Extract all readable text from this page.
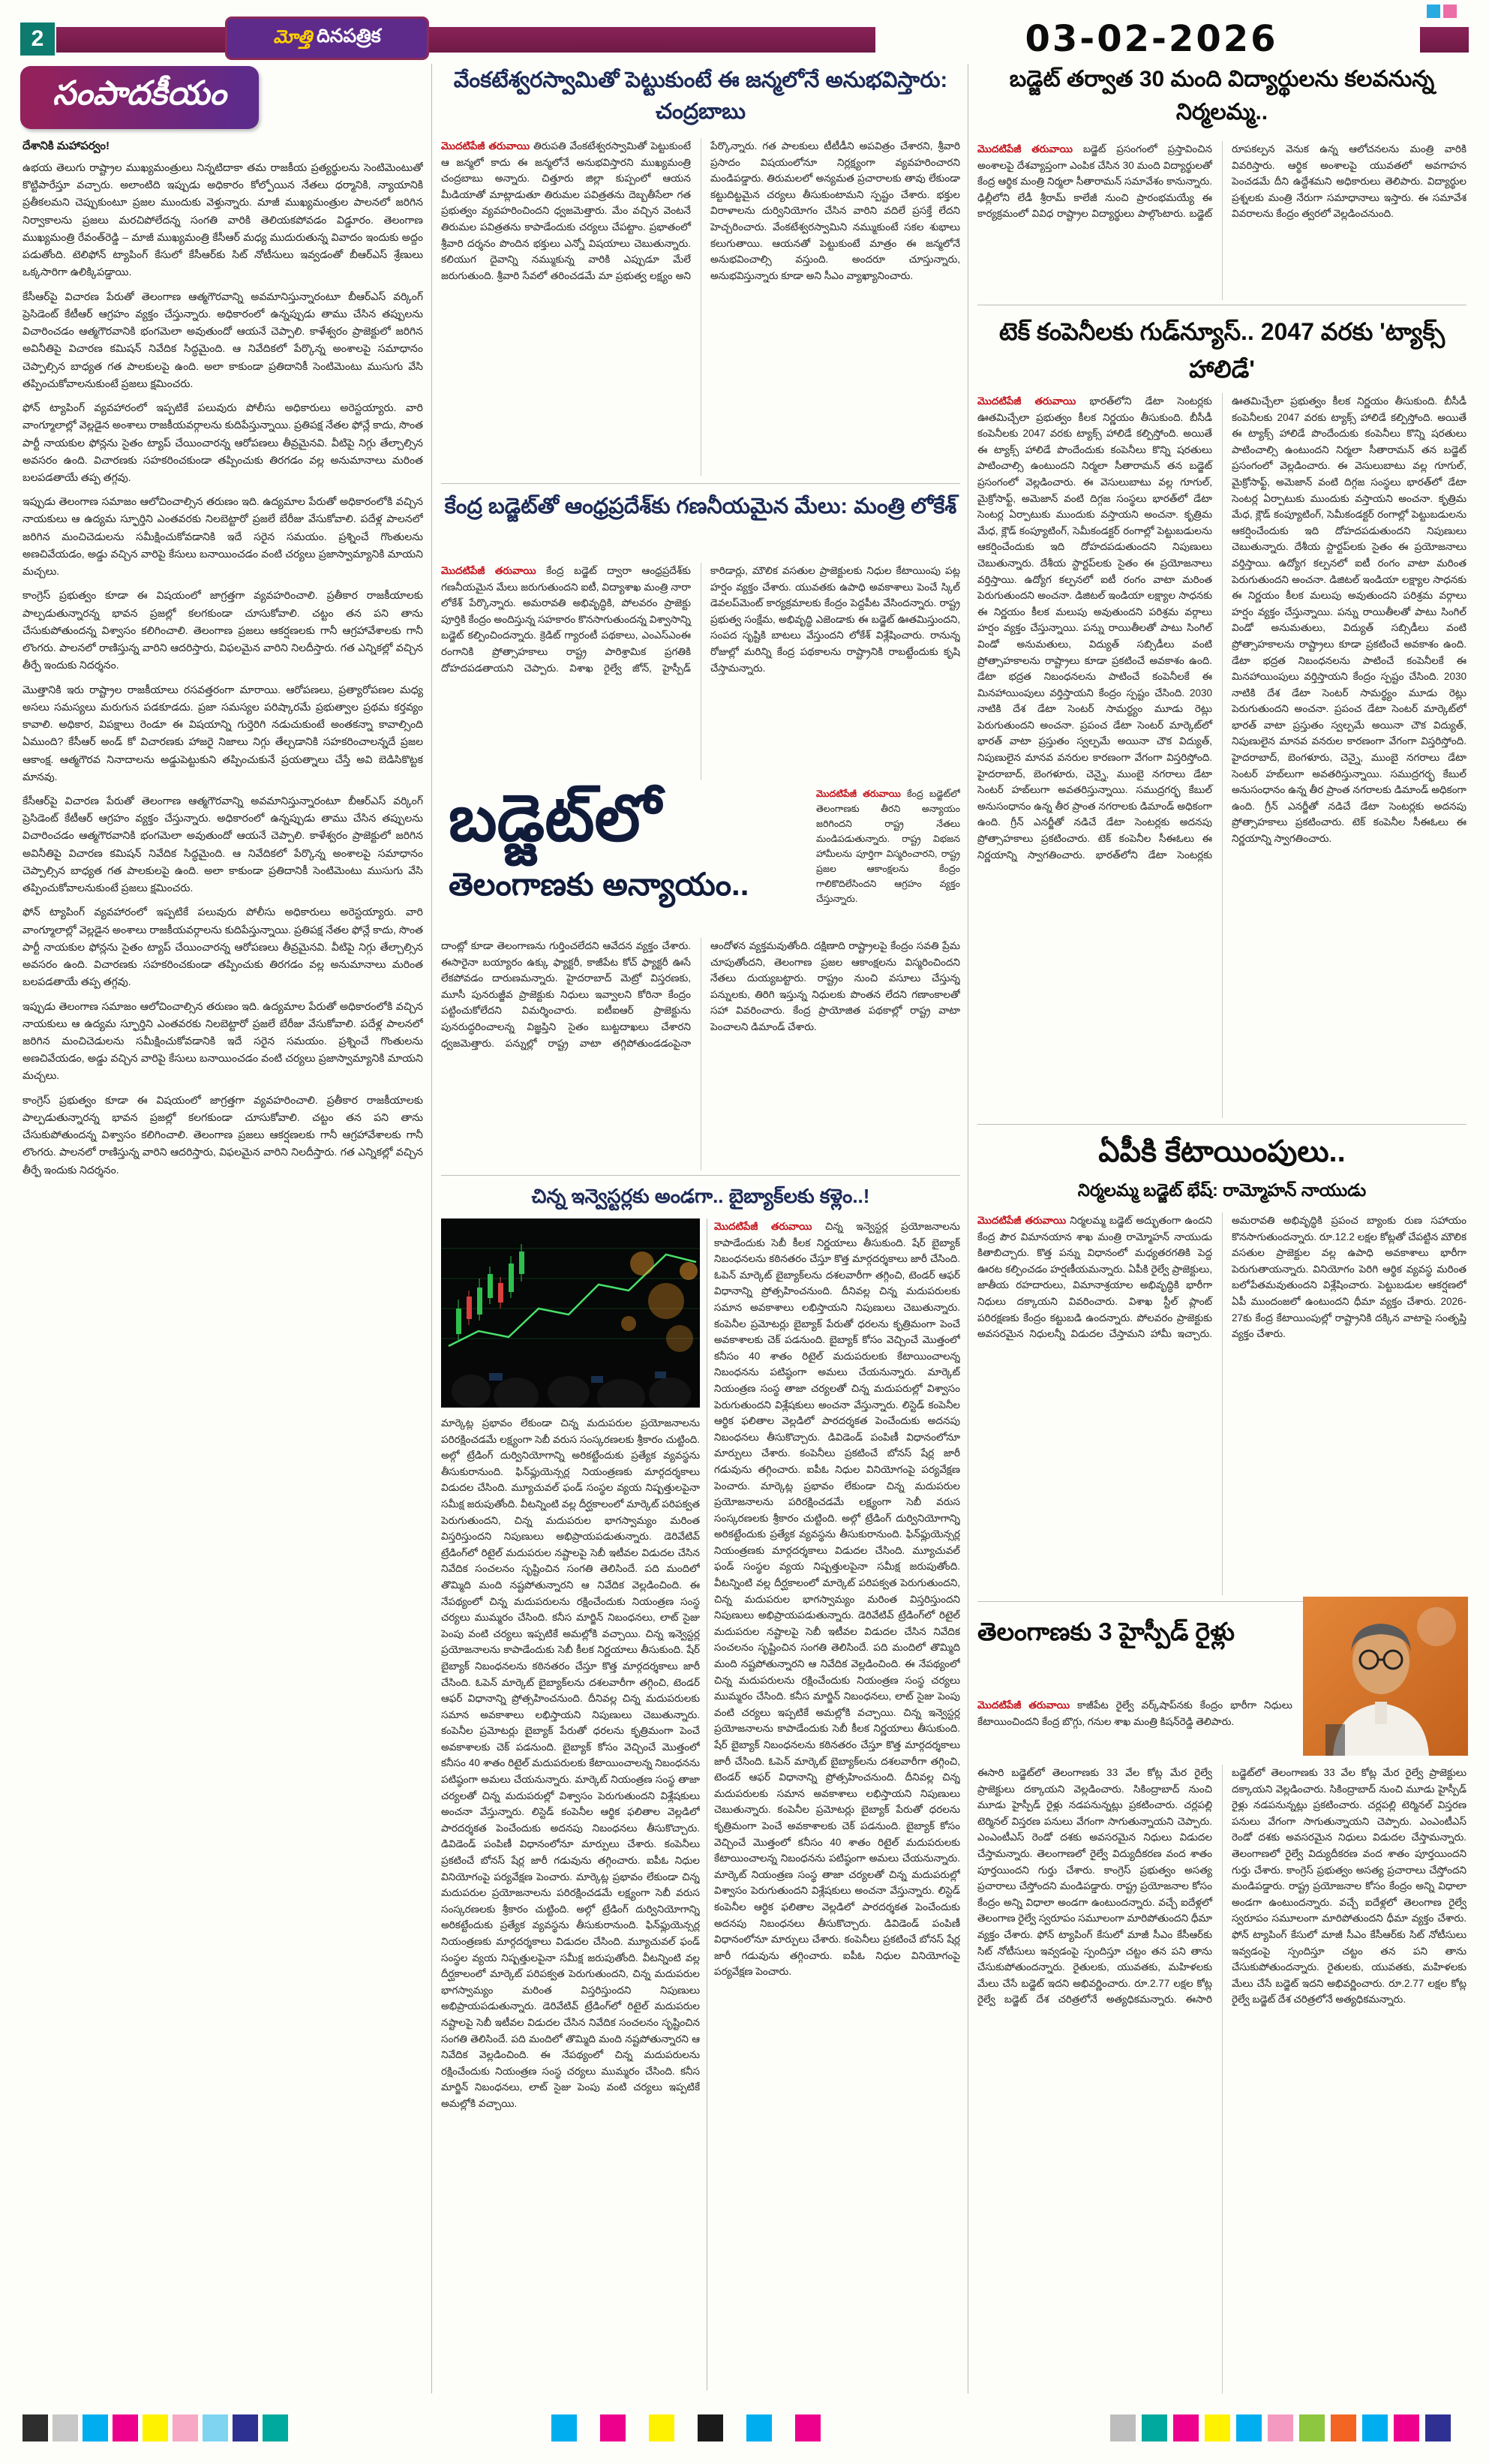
2	మోత్తి దినపత్రిక	03-02-2026
సంపాదకీయం
దేశానికి మహాపర్వం!

ఉభయ తెలుగు రాష్ట్రాల ముఖ్యమంత్రులు నిన్నటిదాకా తమ రాజకీయ ప్రత్యర్థులను సెంటిమెంటుతో కొట్టిపారేస్తూ వచ్చారు. అలాంటిది ఇప్పుడు అధికారం కోల్పోయిన నేతలు ధర్మానికి, న్యాయానికి ప్రతీకలమని చెప్పుకుంటూ ప్రజల ముందుకు వెళ్తున్నారు. మాజీ ముఖ్యమంత్రుల పాలనలో జరిగిన నిర్వాకాలను ప్రజలు మరచిపోలేదన్న సంగతి వారికి తెలియకపోవడం విడ్డూరం. తెలంగాణ ముఖ్యమంత్రి రేవంత్‌రెడ్డి – మాజీ ముఖ్యమంత్రి కేసీఆర్ మధ్య ముదురుతున్న వివాదం ఇందుకు అద్దం పడుతోంది. టెలిఫోన్ ట్యాపింగ్ కేసులో కేసీఆర్‌కు సిట్ నోటీసులు ఇవ్వడంతో బీఆర్ఎస్ శ్రేణులు ఒక్కసారిగా ఉలిక్కిపడ్డాయి.

కేసీఆర్‌పై విచారణ పేరుతో తెలంగాణ ఆత్మగౌరవాన్ని అవమానిస్తున్నారంటూ బీఆర్ఎస్ వర్కింగ్ ప్రెసిడెంట్ కేటీఆర్ ఆగ్రహం వ్యక్తం చేస్తున్నారు. అధికారంలో ఉన్నప్పుడు తాము చేసిన తప్పులను విచారించడం ఆత్మగౌరవానికి భంగమెలా అవుతుందో ఆయనే చెప్పాలి. కాళేశ్వరం ప్రాజెక్టులో జరిగిన అవినీతిపై విచారణ కమిషన్ నివేదిక సిద్ధమైంది. ఆ నివేదికలో పేర్కొన్న అంశాలపై సమాధానం చెప్పాల్సిన బాధ్యత గత పాలకులపై ఉంది. అలా కాకుండా ప్రతిదానికీ సెంటిమెంటు ముసుగు వేసి తప్పించుకోవాలనుకుంటే ప్రజలు క్షమించరు.

ఫోన్ ట్యాపింగ్ వ్యవహారంలో ఇప్పటికే పలువురు పోలీసు అధికారులు అరెస్టయ్యారు. వారి వాంగ్మూలాల్లో వెల్లడైన అంశాలు రాజకీయవర్గాలను కుదిపేస్తున్నాయి. ప్రతిపక్ష నేతల ఫోన్లే కాదు, సొంత పార్టీ నాయకుల ఫోన్లను సైతం ట్యాప్ చేయించారన్న ఆరోపణలు తీవ్రమైనవి. వీటిపై నిగ్గు తేల్చాల్సిన అవసరం ఉంది. విచారణకు సహకరించకుండా తప్పించుకు తిరగడం వల్ల అనుమానాలు మరింత బలపడతాయే తప్ప తగ్గవు.

ఇప్పుడు తెలంగాణ సమాజం ఆలోచించాల్సిన తరుణం ఇది. ఉద్యమాల పేరుతో అధికారంలోకి వచ్చిన నాయకులు ఆ ఉద్యమ స్ఫూర్తిని ఎంతవరకు నిలబెట్టారో ప్రజలే బేరీజు వేసుకోవాలి. పదేళ్ల పాలనలో జరిగిన మంచిచెడులను సమీక్షించుకోవడానికి ఇదే సరైన సమయం. ప్రశ్నించే గొంతులను అణచివేయడం, అడ్డు వచ్చిన వారిపై కేసులు బనాయించడం వంటి చర్యలు ప్రజాస్వామ్యానికి మాయని మచ్చలు.

కాంగ్రెస్ ప్రభుత్వం కూడా ఈ విషయంలో జాగ్రత్తగా వ్యవహరించాలి. ప్రతీకార రాజకీయాలకు పాల్పడుతున్నారన్న భావన ప్రజల్లో కలగకుండా చూసుకోవాలి. చట్టం తన పని తాను చేసుకుపోతుందన్న విశ్వాసం కలిగించాలి. తెలంగాణ ప్రజలు ఆకర్షణలకు గానీ ఆగ్రహావేశాలకు గానీ లొంగరు. పాలనలో రాణిస్తున్న వారిని ఆదరిస్తారు, విఫలమైన వారిని నిలదీస్తారు. గత ఎన్నికల్లో వచ్చిన తీర్పే ఇందుకు నిదర్శనం.

మొత్తానికి ఇరు రాష్ట్రాల రాజకీయాలు రసవత్తరంగా మారాయి. ఆరోపణలు, ప్రత్యారోపణల మధ్య అసలు సమస్యలు మరుగున పడకూడదు. ప్రజా సమస్యల పరిష్కారమే ప్రభుత్వాల ప్రథమ కర్తవ్యం కావాలి. అధికార, విపక్షాలు రెండూ ఈ విషయాన్ని గుర్తెరిగి నడుచుకుంటే అంతకన్నా కావాల్సింది ఏముంది? కేసీఆర్ అండ్ కో విచారణకు హాజరై నిజాలు నిగ్గు తేల్చడానికి సహకరించాలన్నదే ప్రజల ఆకాంక్ష. ఆత్మగౌరవ నినాదాలను అడ్డుపెట్టుకుని తప్పించుకునే ప్రయత్నాలు చేస్తే అవి బెడిసికొట్టక మానవు.

కేసీఆర్‌పై విచారణ పేరుతో తెలంగాణ ఆత్మగౌరవాన్ని అవమానిస్తున్నారంటూ బీఆర్ఎస్ వర్కింగ్ ప్రెసిడెంట్ కేటీఆర్ ఆగ్రహం వ్యక్తం చేస్తున్నారు. అధికారంలో ఉన్నప్పుడు తాము చేసిన తప్పులను విచారించడం ఆత్మగౌరవానికి భంగమెలా అవుతుందో ఆయనే చెప్పాలి. కాళేశ్వరం ప్రాజెక్టులో జరిగిన అవినీతిపై విచారణ కమిషన్ నివేదిక సిద్ధమైంది. ఆ నివేదికలో పేర్కొన్న అంశాలపై సమాధానం చెప్పాల్సిన బాధ్యత గత పాలకులపై ఉంది. అలా కాకుండా ప్రతిదానికీ సెంటిమెంటు ముసుగు వేసి తప్పించుకోవాలనుకుంటే ప్రజలు క్షమించరు.

ఫోన్ ట్యాపింగ్ వ్యవహారంలో ఇప్పటికే పలువురు పోలీసు అధికారులు అరెస్టయ్యారు. వారి వాంగ్మూలాల్లో వెల్లడైన అంశాలు రాజకీయవర్గాలను కుదిపేస్తున్నాయి. ప్రతిపక్ష నేతల ఫోన్లే కాదు, సొంత పార్టీ నాయకుల ఫోన్లను సైతం ట్యాప్ చేయించారన్న ఆరోపణలు తీవ్రమైనవి. వీటిపై నిగ్గు తేల్చాల్సిన అవసరం ఉంది. విచారణకు సహకరించకుండా తప్పించుకు తిరగడం వల్ల అనుమానాలు మరింత బలపడతాయే తప్ప తగ్గవు.

ఇప్పుడు తెలంగాణ సమాజం ఆలోచించాల్సిన తరుణం ఇది. ఉద్యమాల పేరుతో అధికారంలోకి వచ్చిన నాయకులు ఆ ఉద్యమ స్ఫూర్తిని ఎంతవరకు నిలబెట్టారో ప్రజలే బేరీజు వేసుకోవాలి. పదేళ్ల పాలనలో జరిగిన మంచిచెడులను సమీక్షించుకోవడానికి ఇదే సరైన సమయం. ప్రశ్నించే గొంతులను అణచివేయడం, అడ్డు వచ్చిన వారిపై కేసులు బనాయించడం వంటి చర్యలు ప్రజాస్వామ్యానికి మాయని మచ్చలు.

కాంగ్రెస్ ప్రభుత్వం కూడా ఈ విషయంలో జాగ్రత్తగా వ్యవహరించాలి. ప్రతీకార రాజకీయాలకు పాల్పడుతున్నారన్న భావన ప్రజల్లో కలగకుండా చూసుకోవాలి. చట్టం తన పని తాను చేసుకుపోతుందన్న విశ్వాసం కలిగించాలి. తెలంగాణ ప్రజలు ఆకర్షణలకు గానీ ఆగ్రహావేశాలకు గానీ లొంగరు. పాలనలో రాణిస్తున్న వారిని ఆదరిస్తారు, విఫలమైన వారిని నిలదీస్తారు. గత ఎన్నికల్లో వచ్చిన తీర్పే ఇందుకు నిదర్శనం.

వేంకటేశ్వరస్వామితో పెట్టుకుంటే ఈ జన్మలోనే అనుభవిస్తారు: చంద్రబాబు
మొదటిపేజీ తరువాయి తిరుపతి వేంకటేశ్వరస్వామితో పెట్టుకుంటే ఆ జన్మలో కాదు ఈ జన్మలోనే అనుభవిస్తారని ముఖ్యమంత్రి చంద్రబాబు అన్నారు. చిత్తూరు జిల్లా కుప్పంలో ఆయన మీడియాతో మాట్లాడుతూ తిరుమల పవిత్రతను దెబ్బతీసేలా గత ప్రభుత్వం వ్యవహరించిందని ధ్వజమెత్తారు. మేం వచ్చిన వెంటనే తిరుమల పవిత్రతను కాపాడేందుకు చర్యలు చేపట్టాం. ప్రభాతంలో శ్రీవారి దర్శనం పొందిన భక్తులు ఎన్నో విషయాలు చెబుతున్నారు. కలియుగ దైవాన్ని నమ్ముకున్న వారికి ఎప్పుడూ మేలే జరుగుతుంది. శ్రీవారి సేవలో తరించడమే మా ప్రభుత్వ లక్ష్యం అని పేర్కొన్నారు. గత పాలకులు టీటీడీని అపవిత్రం చేశారని, శ్రీవారి ప్రసాదం విషయంలోనూ నిర్లక్ష్యంగా వ్యవహరించారని మండిపడ్డారు. తిరుమలలో అన్యమత ప్రచారాలకు తావు లేకుండా కట్టుదిట్టమైన చర్యలు తీసుకుంటామని స్పష్టం చేశారు. భక్తుల విరాళాలను దుర్వినియోగం చేసిన వారిని వదిలే ప్రసక్తే లేదని హెచ్చరించారు. వేంకటేశ్వరస్వామిని నమ్ముకుంటే సకల శుభాలు కలుగుతాయి. ఆయనతో పెట్టుకుంటే మాత్రం ఈ జన్మలోనే అనుభవించాల్సి వస్తుంది. అందరూ చూస్తున్నారు, అనుభవిస్తున్నారు కూడా అని సీఎం వ్యాఖ్యానించారు.
కేంద్ర బడ్జెట్‌తో ఆంధ్రప్రదేశ్‌కు గణనీయమైన మేలు: మంత్రి లోకేశ్
మొదటిపేజీ తరువాయి కేంద్ర బడ్జెట్ ద్వారా ఆంధ్రప్రదేశ్‌కు గణనీయమైన మేలు జరుగుతుందని ఐటీ, విద్యాశాఖ మంత్రి నారా లోకేశ్ పేర్కొన్నారు. అమరావతి అభివృద్ధికి, పోలవరం ప్రాజెక్టు పూర్తికి కేంద్రం అందిస్తున్న సహకారం కొనసాగుతుందన్న విశ్వాసాన్ని బడ్జెట్ కల్పించిందన్నారు. క్రెడిట్ గ్యారంటీ పథకాలు, ఎంఎస్ఎంఈ రంగానికి ప్రోత్సాహకాలు రాష్ట్ర పారిశ్రామిక ప్రగతికి దోహదపడతాయని చెప్పారు. విశాఖ రైల్వే జోన్, హైస్పీడ్ కారిడార్లు, మౌలిక వసతుల ప్రాజెక్టులకు నిధుల కేటాయింపు పట్ల హర్షం వ్యక్తం చేశారు. యువతకు ఉపాధి అవకాశాలు పెంచే స్కిల్ డెవలప్‌మెంట్ కార్యక్రమాలకు కేంద్రం పెద్దపీట వేసిందన్నారు. రాష్ట్ర ప్రభుత్వ సంక్షేమ, అభివృద్ధి ఎజెండాకు ఈ బడ్జెట్ ఊతమిస్తుందని, సంపద సృష్టికి బాటలు వేస్తుందని లోకేశ్ విశ్లేషించారు. రానున్న రోజుల్లో మరిన్ని కేంద్ర పథకాలను రాష్ట్రానికి రాబట్టేందుకు కృషి చేస్తామన్నారు.
బడ్జెట్‌లో
తెలంగాణకు అన్యాయం..
మొదటిపేజీ తరువాయి కేంద్ర బడ్జెట్‌లో తెలంగాణకు తీరని అన్యాయం జరిగిందని రాష్ట్ర నేతలు మండిపడుతున్నారు. రాష్ట్ర విభజన హామీలను పూర్తిగా విస్మరించారని, రాష్ట్ర ప్రజల ఆకాంక్షలను కేంద్రం గాలికొదిలేసిందని ఆగ్రహం వ్యక్తం చేస్తున్నారు.
దాంట్లో కూడా తెలంగాణను గుర్తించలేదని ఆవేదన వ్యక్తం చేశారు. ఈసారైనా బయ్యారం ఉక్కు ఫ్యాక్టరీ, కాజీపేట కోచ్ ఫ్యాక్టరీ ఊసే లేకపోవడం దారుణమన్నారు. హైదరాబాద్ మెట్రో విస్తరణకు, మూసీ పునరుజ్జీవ ప్రాజెక్టుకు నిధులు ఇవ్వాలని కోరినా కేంద్రం పట్టించుకోలేదని విమర్శించారు. ఐటీఐఆర్ ప్రాజెక్టును పునరుద్ధరించాలన్న విజ్ఞప్తిని సైతం బుట్టదాఖలు చేశారని ధ్వజమెత్తారు. పన్నుల్లో రాష్ట్ర వాటా తగ్గిపోతుండడంపైనా ఆందోళన వ్యక్తమవుతోంది. దక్షిణాది రాష్ట్రాలపై కేంద్రం సవతి ప్రేమ చూపుతోందని, తెలంగాణ ప్రజల ఆకాంక్షలను విస్మరించిందని నేతలు దుయ్యబట్టారు. రాష్ట్రం నుంచి వసూలు చేస్తున్న పన్నులకు, తిరిగి ఇస్తున్న నిధులకు పొంతన లేదని గణాంకాలతో సహా వివరించారు. కేంద్ర ప్రాయోజిత పథకాల్లో రాష్ట్ర వాటా పెంచాలని డిమాండ్ చేశారు.
చిన్న ఇన్వెస్టర్లకు అండగా.. బైబ్యాక్‌లకు కళ్లెం..!
మార్కెట్ల ప్రభావం లేకుండా చిన్న మదుపరుల ప్రయోజనాలను పరిరక్షించడమే లక్ష్యంగా సెబీ వరుస సంస్కరణలకు శ్రీకారం చుట్టింది. అల్గో ట్రేడింగ్ దుర్వినియోగాన్ని అరికట్టేందుకు ప్రత్యేక వ్యవస్థను తీసుకురానుంది. ఫిన్‌ఫ్లుయెన్సర్ల నియంత్రణకు మార్గదర్శకాలు విడుదల చేసింది. మ్యూచువల్ ఫండ్ సంస్థల వ్యయ నిష్పత్తులపైనా సమీక్ష జరుపుతోంది. వీటన్నింటి వల్ల దీర్ఘకాలంలో మార్కెట్ పరిపక్వత పెరుగుతుందని, చిన్న మదుపరుల భాగస్వామ్యం మరింత విస్తరిస్తుందని నిపుణులు అభిప్రాయపడుతున్నారు. డెరివేటివ్ ట్రేడింగ్‌లో రిటైల్ మదుపరుల నష్టాలపై సెబీ ఇటీవల విడుదల చేసిన నివేదిక సంచలనం సృష్టించిన సంగతి తెలిసిందే. పది మందిలో తొమ్మిది మంది నష్టపోతున్నారని ఆ నివేదిక వెల్లడించింది. ఈ నేపథ్యంలో చిన్న మదుపరులను రక్షించేందుకు నియంత్రణ సంస్థ చర్యలు ముమ్మరం చేసింది. కనీస మార్జిన్ నిబంధనలు, లాట్ సైజు పెంపు వంటి చర్యలు ఇప్పటికే అమల్లోకి వచ్చాయి. చిన్న ఇన్వెస్టర్ల ప్రయోజనాలను కాపాడేందుకు సెబీ కీలక నిర్ణయాలు తీసుకుంది. షేర్ బైబ్యాక్ నిబంధనలను కఠినతరం చేస్తూ కొత్త మార్గదర్శకాలు జారీ చేసింది. ఓపెన్ మార్కెట్ బైబ్యాక్‌లను దశలవారీగా తగ్గించి, టెండర్ ఆఫర్ విధానాన్ని ప్రోత్సహించనుంది. దీనివల్ల చిన్న మదుపరులకు సమాన అవకాశాలు లభిస్తాయని నిపుణులు చెబుతున్నారు. కంపెనీల ప్రమోటర్లు బైబ్యాక్ పేరుతో ధరలను కృత్రిమంగా పెంచే అవకాశాలకు చెక్ పడనుంది. బైబ్యాక్ కోసం వెచ్చించే మొత్తంలో కనీసం 40 శాతం రిటైల్ మదుపరులకు కేటాయించాలన్న నిబంధనను పటిష్ఠంగా అమలు చేయనున్నారు. మార్కెట్ నియంత్రణ సంస్థ తాజా చర్యలతో చిన్న మదుపరుల్లో విశ్వాసం పెరుగుతుందని విశ్లేషకులు అంచనా వేస్తున్నారు. లిస్టెడ్ కంపెనీల ఆర్థిక ఫలితాల వెల్లడిలో పారదర్శకత పెంచేందుకు అదనపు నిబంధనలు తీసుకొచ్చారు. డివిడెండ్ పంపిణీ విధానంలోనూ మార్పులు చేశారు. కంపెనీలు ప్రకటించే బోనస్ షేర్ల జారీ గడువును తగ్గించారు. ఐపీఓ నిధుల వినియోగంపై పర్యవేక్షణ పెంచారు. మార్కెట్ల ప్రభావం లేకుండా చిన్న మదుపరుల ప్రయోజనాలను పరిరక్షించడమే లక్ష్యంగా సెబీ వరుస సంస్కరణలకు శ్రీకారం చుట్టింది. అల్గో ట్రేడింగ్ దుర్వినియోగాన్ని అరికట్టేందుకు ప్రత్యేక వ్యవస్థను తీసుకురానుంది. ఫిన్‌ఫ్లుయెన్సర్ల నియంత్రణకు మార్గదర్శకాలు విడుదల చేసింది. మ్యూచువల్ ఫండ్ సంస్థల వ్యయ నిష్పత్తులపైనా సమీక్ష జరుపుతోంది. వీటన్నింటి వల్ల దీర్ఘకాలంలో మార్కెట్ పరిపక్వత పెరుగుతుందని, చిన్న మదుపరుల భాగస్వామ్యం మరింత విస్తరిస్తుందని నిపుణులు అభిప్రాయపడుతున్నారు. డెరివేటివ్ ట్రేడింగ్‌లో రిటైల్ మదుపరుల నష్టాలపై సెబీ ఇటీవల విడుదల చేసిన నివేదిక సంచలనం సృష్టించిన సంగతి తెలిసిందే. పది మందిలో తొమ్మిది మంది నష్టపోతున్నారని ఆ నివేదిక వెల్లడించింది. ఈ నేపథ్యంలో చిన్న మదుపరులను రక్షించేందుకు నియంత్రణ సంస్థ చర్యలు ముమ్మరం చేసింది. కనీస మార్జిన్ నిబంధనలు, లాట్ సైజు పెంపు వంటి చర్యలు ఇప్పటికే అమల్లోకి వచ్చాయి.
మొదటిపేజీ తరువాయి చిన్న ఇన్వెస్టర్ల ప్రయోజనాలను కాపాడేందుకు సెబీ కీలక నిర్ణయాలు తీసుకుంది. షేర్ బైబ్యాక్ నిబంధనలను కఠినతరం చేస్తూ కొత్త మార్గదర్శకాలు జారీ చేసింది. ఓపెన్ మార్కెట్ బైబ్యాక్‌లను దశలవారీగా తగ్గించి, టెండర్ ఆఫర్ విధానాన్ని ప్రోత్సహించనుంది. దీనివల్ల చిన్న మదుపరులకు సమాన అవకాశాలు లభిస్తాయని నిపుణులు చెబుతున్నారు. కంపెనీల ప్రమోటర్లు బైబ్యాక్ పేరుతో ధరలను కృత్రిమంగా పెంచే అవకాశాలకు చెక్ పడనుంది. బైబ్యాక్ కోసం వెచ్చించే మొత్తంలో కనీసం 40 శాతం రిటైల్ మదుపరులకు కేటాయించాలన్న నిబంధనను పటిష్ఠంగా అమలు చేయనున్నారు. మార్కెట్ నియంత్రణ సంస్థ తాజా చర్యలతో చిన్న మదుపరుల్లో విశ్వాసం పెరుగుతుందని విశ్లేషకులు అంచనా వేస్తున్నారు. లిస్టెడ్ కంపెనీల ఆర్థిక ఫలితాల వెల్లడిలో పారదర్శకత పెంచేందుకు అదనపు నిబంధనలు తీసుకొచ్చారు. డివిడెండ్ పంపిణీ విధానంలోనూ మార్పులు చేశారు. కంపెనీలు ప్రకటించే బోనస్ షేర్ల జారీ గడువును తగ్గించారు. ఐపీఓ నిధుల వినియోగంపై పర్యవేక్షణ పెంచారు. మార్కెట్ల ప్రభావం లేకుండా చిన్న మదుపరుల ప్రయోజనాలను పరిరక్షించడమే లక్ష్యంగా సెబీ వరుస సంస్కరణలకు శ్రీకారం చుట్టింది. అల్గో ట్రేడింగ్ దుర్వినియోగాన్ని అరికట్టేందుకు ప్రత్యేక వ్యవస్థను తీసుకురానుంది. ఫిన్‌ఫ్లుయెన్సర్ల నియంత్రణకు మార్గదర్శకాలు విడుదల చేసింది. మ్యూచువల్ ఫండ్ సంస్థల వ్యయ నిష్పత్తులపైనా సమీక్ష జరుపుతోంది. వీటన్నింటి వల్ల దీర్ఘకాలంలో మార్కెట్ పరిపక్వత పెరుగుతుందని, చిన్న మదుపరుల భాగస్వామ్యం మరింత విస్తరిస్తుందని నిపుణులు అభిప్రాయపడుతున్నారు. డెరివేటివ్ ట్రేడింగ్‌లో రిటైల్ మదుపరుల నష్టాలపై సెబీ ఇటీవల విడుదల చేసిన నివేదిక సంచలనం సృష్టించిన సంగతి తెలిసిందే. పది మందిలో తొమ్మిది మంది నష్టపోతున్నారని ఆ నివేదిక వెల్లడించింది. ఈ నేపథ్యంలో చిన్న మదుపరులను రక్షించేందుకు నియంత్రణ సంస్థ చర్యలు ముమ్మరం చేసింది. కనీస మార్జిన్ నిబంధనలు, లాట్ సైజు పెంపు వంటి చర్యలు ఇప్పటికే అమల్లోకి వచ్చాయి. చిన్న ఇన్వెస్టర్ల ప్రయోజనాలను కాపాడేందుకు సెబీ కీలక నిర్ణయాలు తీసుకుంది. షేర్ బైబ్యాక్ నిబంధనలను కఠినతరం చేస్తూ కొత్త మార్గదర్శకాలు జారీ చేసింది. ఓపెన్ మార్కెట్ బైబ్యాక్‌లను దశలవారీగా తగ్గించి, టెండర్ ఆఫర్ విధానాన్ని ప్రోత్సహించనుంది. దీనివల్ల చిన్న మదుపరులకు సమాన అవకాశాలు లభిస్తాయని నిపుణులు చెబుతున్నారు. కంపెనీల ప్రమోటర్లు బైబ్యాక్ పేరుతో ధరలను కృత్రిమంగా పెంచే అవకాశాలకు చెక్ పడనుంది. బైబ్యాక్ కోసం వెచ్చించే మొత్తంలో కనీసం 40 శాతం రిటైల్ మదుపరులకు కేటాయించాలన్న నిబంధనను పటిష్ఠంగా అమలు చేయనున్నారు. మార్కెట్ నియంత్రణ సంస్థ తాజా చర్యలతో చిన్న మదుపరుల్లో విశ్వాసం పెరుగుతుందని విశ్లేషకులు అంచనా వేస్తున్నారు. లిస్టెడ్ కంపెనీల ఆర్థిక ఫలితాల వెల్లడిలో పారదర్శకత పెంచేందుకు అదనపు నిబంధనలు తీసుకొచ్చారు. డివిడెండ్ పంపిణీ విధానంలోనూ మార్పులు చేశారు. కంపెనీలు ప్రకటించే బోనస్ షేర్ల జారీ గడువును తగ్గించారు. ఐపీఓ నిధుల వినియోగంపై పర్యవేక్షణ పెంచారు.
బడ్జెట్ తర్వాత 30 మంది విద్యార్థులను కలవనున్న నిర్మలమ్మ..
మొదటిపేజీ తరువాయి బడ్జెట్ ప్రసంగంలో ప్రస్తావించిన అంశాలపై దేశవ్యాప్తంగా ఎంపిక చేసిన 30 మంది విద్యార్థులతో కేంద్ర ఆర్థిక మంత్రి నిర్మలా సీతారామన్ సమావేశం కానున్నారు. ఢిల్లీలోని లేడీ శ్రీరామ్ కాలేజీ నుంచి ప్రారంభమయ్యే ఈ కార్యక్రమంలో వివిధ రాష్ట్రాల విద్యార్థులు పాల్గొంటారు. బడ్జెట్ రూపకల్పన వెనుక ఉన్న ఆలోచనలను మంత్రి వారికి వివరిస్తారు. ఆర్థిక అంశాలపై యువతలో అవగాహన పెంచడమే దీని ఉద్దేశమని అధికారులు తెలిపారు. విద్యార్థుల ప్రశ్నలకు మంత్రి నేరుగా సమాధానాలు ఇస్తారు. ఈ సమావేశ వివరాలను కేంద్రం త్వరలో వెల్లడించనుంది.
టెక్ కంపెనీలకు గుడ్‌న్యూస్.. 2047 వరకు 'ట్యాక్స్ హాలిడే'
మొదటిపేజీ తరువాయి భారత్‌లోని డేటా సెంటర్లకు ఊతమిచ్చేలా ప్రభుత్వం కీలక నిర్ణయం తీసుకుంది. బీసీడీ కంపెనీలకు 2047 వరకు ట్యాక్స్ హాలిడే కల్పిస్తోంది. అయితే ఈ ట్యాక్స్ హాలిడే పొందేందుకు కంపెనీలు కొన్ని షరతులు పాటించాల్సి ఉంటుందని నిర్మలా సీతారామన్ తన బడ్జెట్ ప్రసంగంలో వెల్లడించారు. ఈ వెసులుబాటు వల్ల గూగుల్, మైక్రోసాఫ్ట్, అమెజాన్ వంటి దిగ్గజ సంస్థలు భారత్‌లో డేటా సెంటర్ల ఏర్పాటుకు ముందుకు వస్తాయని అంచనా. కృత్రిమ మేధ, క్లౌడ్ కంప్యూటింగ్, సెమీకండక్టర్ రంగాల్లో పెట్టుబడులను ఆకర్షించేందుకు ఇది దోహదపడుతుందని నిపుణులు చెబుతున్నారు. దేశీయ స్టార్టప్‌లకు సైతం ఈ ప్రయోజనాలు వర్తిస్తాయి. ఉద్యోగ కల్పనలో ఐటీ రంగం వాటా మరింత పెరుగుతుందని అంచనా. డిజిటల్ ఇండియా లక్ష్యాల సాధనకు ఈ నిర్ణయం కీలక మలుపు అవుతుందని పరిశ్రమ వర్గాలు హర్షం వ్యక్తం చేస్తున్నాయి. పన్ను రాయితీలతో పాటు సింగిల్ విండో అనుమతులు, విద్యుత్ సబ్సిడీలు వంటి ప్రోత్సాహకాలను రాష్ట్రాలు కూడా ప్రకటించే అవకాశం ఉంది. డేటా భద్రత నిబంధనలను పాటించే కంపెనీలకే ఈ మినహాయింపులు వర్తిస్తాయని కేంద్రం స్పష్టం చేసింది. 2030 నాటికి దేశ డేటా సెంటర్ సామర్థ్యం మూడు రెట్లు పెరుగుతుందని అంచనా. ప్రపంచ డేటా సెంటర్ మార్కెట్‌లో భారత్ వాటా ప్రస్తుతం స్వల్పమే అయినా చౌక విద్యుత్, నిపుణులైన మానవ వనరుల కారణంగా వేగంగా విస్తరిస్తోంది. హైదరాబాద్, బెంగళూరు, చెన్నై, ముంబై నగరాలు డేటా సెంటర్ హబ్‌లుగా అవతరిస్తున్నాయి. సముద్రగర్భ కేబుల్ అనుసంధానం ఉన్న తీర ప్రాంత నగరాలకు డిమాండ్ అధికంగా ఉంది. గ్రీన్ ఎనర్జీతో నడిచే డేటా సెంటర్లకు అదనపు ప్రోత్సాహకాలు ప్రకటించారు. టెక్ కంపెనీల సీఈఓలు ఈ నిర్ణయాన్ని స్వాగతించారు. భారత్‌లోని డేటా సెంటర్లకు ఊతమిచ్చేలా ప్రభుత్వం కీలక నిర్ణయం తీసుకుంది. బీసీడీ కంపెనీలకు 2047 వరకు ట్యాక్స్ హాలిడే కల్పిస్తోంది. అయితే ఈ ట్యాక్స్ హాలిడే పొందేందుకు కంపెనీలు కొన్ని షరతులు పాటించాల్సి ఉంటుందని నిర్మలా సీతారామన్ తన బడ్జెట్ ప్రసంగంలో వెల్లడించారు. ఈ వెసులుబాటు వల్ల గూగుల్, మైక్రోసాఫ్ట్, అమెజాన్ వంటి దిగ్గజ సంస్థలు భారత్‌లో డేటా సెంటర్ల ఏర్పాటుకు ముందుకు వస్తాయని అంచనా. కృత్రిమ మేధ, క్లౌడ్ కంప్యూటింగ్, సెమీకండక్టర్ రంగాల్లో పెట్టుబడులను ఆకర్షించేందుకు ఇది దోహదపడుతుందని నిపుణులు చెబుతున్నారు. దేశీయ స్టార్టప్‌లకు సైతం ఈ ప్రయోజనాలు వర్తిస్తాయి. ఉద్యోగ కల్పనలో ఐటీ రంగం వాటా మరింత పెరుగుతుందని అంచనా. డిజిటల్ ఇండియా లక్ష్యాల సాధనకు ఈ నిర్ణయం కీలక మలుపు అవుతుందని పరిశ్రమ వర్గాలు హర్షం వ్యక్తం చేస్తున్నాయి. పన్ను రాయితీలతో పాటు సింగిల్ విండో అనుమతులు, విద్యుత్ సబ్సిడీలు వంటి ప్రోత్సాహకాలను రాష్ట్రాలు కూడా ప్రకటించే అవకాశం ఉంది. డేటా భద్రత నిబంధనలను పాటించే కంపెనీలకే ఈ మినహాయింపులు వర్తిస్తాయని కేంద్రం స్పష్టం చేసింది. 2030 నాటికి దేశ డేటా సెంటర్ సామర్థ్యం మూడు రెట్లు పెరుగుతుందని అంచనా. ప్రపంచ డేటా సెంటర్ మార్కెట్‌లో భారత్ వాటా ప్రస్తుతం స్వల్పమే అయినా చౌక విద్యుత్, నిపుణులైన మానవ వనరుల కారణంగా వేగంగా విస్తరిస్తోంది. హైదరాబాద్, బెంగళూరు, చెన్నై, ముంబై నగరాలు డేటా సెంటర్ హబ్‌లుగా అవతరిస్తున్నాయి. సముద్రగర్భ కేబుల్ అనుసంధానం ఉన్న తీర ప్రాంత నగరాలకు డిమాండ్ అధికంగా ఉంది. గ్రీన్ ఎనర్జీతో నడిచే డేటా సెంటర్లకు అదనపు ప్రోత్సాహకాలు ప్రకటించారు. టెక్ కంపెనీల సీఈఓలు ఈ నిర్ణయాన్ని స్వాగతించారు.
ఏపీకి కేటాయింపులు..
నిర్మలమ్మ బడ్జెట్ భేష్: రామ్మోహన్ నాయుడు
మొదటిపేజీ తరువాయి నిర్మలమ్మ బడ్జెట్ అద్భుతంగా ఉందని కేంద్ర పౌర విమానయాన శాఖ మంత్రి రామ్మోహన్ నాయుడు కితాబిచ్చారు. కొత్త పన్ను విధానంలో మధ్యతరగతికి పెద్ద ఊరట కల్పించడం హర్షణీయమన్నారు. ఏపీకి రైల్వే ప్రాజెక్టులు, జాతీయ రహదారులు, విమానాశ్రయాల అభివృద్ధికి భారీగా నిధులు దక్కాయని వివరించారు. విశాఖ స్టీల్ ప్లాంట్ పరిరక్షణకు కేంద్రం కట్టుబడి ఉందన్నారు. పోలవరం ప్రాజెక్టుకు అవసరమైన నిధులన్నీ విడుదల చేస్తామని హామీ ఇచ్చారు. అమరావతి అభివృద్ధికి ప్రపంచ బ్యాంకు రుణ సహాయం కొనసాగుతుందన్నారు. రూ.12.2 లక్షల కోట్లతో చేపట్టిన మౌలిక వసతుల ప్రాజెక్టుల వల్ల ఉపాధి అవకాశాలు భారీగా పెరుగుతాయన్నారు. వినియోగం పెరిగి ఆర్థిక వ్యవస్థ మరింత బలోపేతమవుతుందని విశ్లేషించారు. పెట్టుబడుల ఆకర్షణలో ఏపీ ముందంజలో ఉంటుందని ధీమా వ్యక్తం చేశారు. 2026-27కు కేంద్ర కేటాయింపుల్లో రాష్ట్రానికి దక్కిన వాటాపై సంతృప్తి వ్యక్తం చేశారు.
తెలంగాణకు 3 హైస్పీడ్ రైళ్లు
మొదటిపేజీ తరువాయి కాజీపేట రైల్వే వర్క్‌షాప్‌నకు కేంద్రం భారీగా నిధులు కేటాయించిందని కేంద్ర బొగ్గు, గనుల శాఖ మంత్రి కిషన్‌రెడ్డి తెలిపారు.
ఈసారి బడ్జెట్‌లో తెలంగాణకు 33 వేల కోట్ల మేర రైల్వే ప్రాజెక్టులు దక్కాయని వెల్లడించారు. సికింద్రాబాద్ నుంచి మూడు హైస్పీడ్ రైళ్లు నడపనున్నట్లు ప్రకటించారు. చర్లపల్లి టెర్మినల్ విస్తరణ పనులు వేగంగా సాగుతున్నాయని చెప్పారు. ఎంఎంటీఎస్ రెండో దశకు అవసరమైన నిధులు విడుదల చేస్తామన్నారు. తెలంగాణలో రైల్వే విద్యుదీకరణ వంద శాతం పూర్తయిందని గుర్తు చేశారు. కాంగ్రెస్ ప్రభుత్వం అసత్య ప్రచారాలు చేస్తోందని మండిపడ్డారు. రాష్ట్ర ప్రయోజనాల కోసం కేంద్రం అన్ని విధాలా అండగా ఉంటుందన్నారు. వచ్చే ఐదేళ్లలో తెలంగాణ రైల్వే స్వరూపం సమూలంగా మారిపోతుందని ధీమా వ్యక్తం చేశారు. ఫోన్ ట్యాపింగ్ కేసులో మాజీ సీఎం కేసీఆర్‌కు సిట్ నోటీసులు ఇవ్వడంపై స్పందిస్తూ చట్టం తన పని తాను చేసుకుపోతుందన్నారు. రైతులకు, యువతకు, మహిళలకు మేలు చేసే బడ్జెట్ ఇదని అభివర్ణించారు. రూ.2.77 లక్షల కోట్ల రైల్వే బడ్జెట్ దేశ చరిత్రలోనే అత్యధికమన్నారు. ఈసారి బడ్జెట్‌లో తెలంగాణకు 33 వేల కోట్ల మేర రైల్వే ప్రాజెక్టులు దక్కాయని వెల్లడించారు. సికింద్రాబాద్ నుంచి మూడు హైస్పీడ్ రైళ్లు నడపనున్నట్లు ప్రకటించారు. చర్లపల్లి టెర్మినల్ విస్తరణ పనులు వేగంగా సాగుతున్నాయని చెప్పారు. ఎంఎంటీఎస్ రెండో దశకు అవసరమైన నిధులు విడుదల చేస్తామన్నారు. తెలంగాణలో రైల్వే విద్యుదీకరణ వంద శాతం పూర్తయిందని గుర్తు చేశారు. కాంగ్రెస్ ప్రభుత్వం అసత్య ప్రచారాలు చేస్తోందని మండిపడ్డారు. రాష్ట్ర ప్రయోజనాల కోసం కేంద్రం అన్ని విధాలా అండగా ఉంటుందన్నారు. వచ్చే ఐదేళ్లలో తెలంగాణ రైల్వే స్వరూపం సమూలంగా మారిపోతుందని ధీమా వ్యక్తం చేశారు. ఫోన్ ట్యాపింగ్ కేసులో మాజీ సీఎం కేసీఆర్‌కు సిట్ నోటీసులు ఇవ్వడంపై స్పందిస్తూ చట్టం తన పని తాను చేసుకుపోతుందన్నారు. రైతులకు, యువతకు, మహిళలకు మేలు చేసే బడ్జెట్ ఇదని అభివర్ణించారు. రూ.2.77 లక్షల కోట్ల రైల్వే బడ్జెట్ దేశ చరిత్రలోనే అత్యధికమన్నారు.
